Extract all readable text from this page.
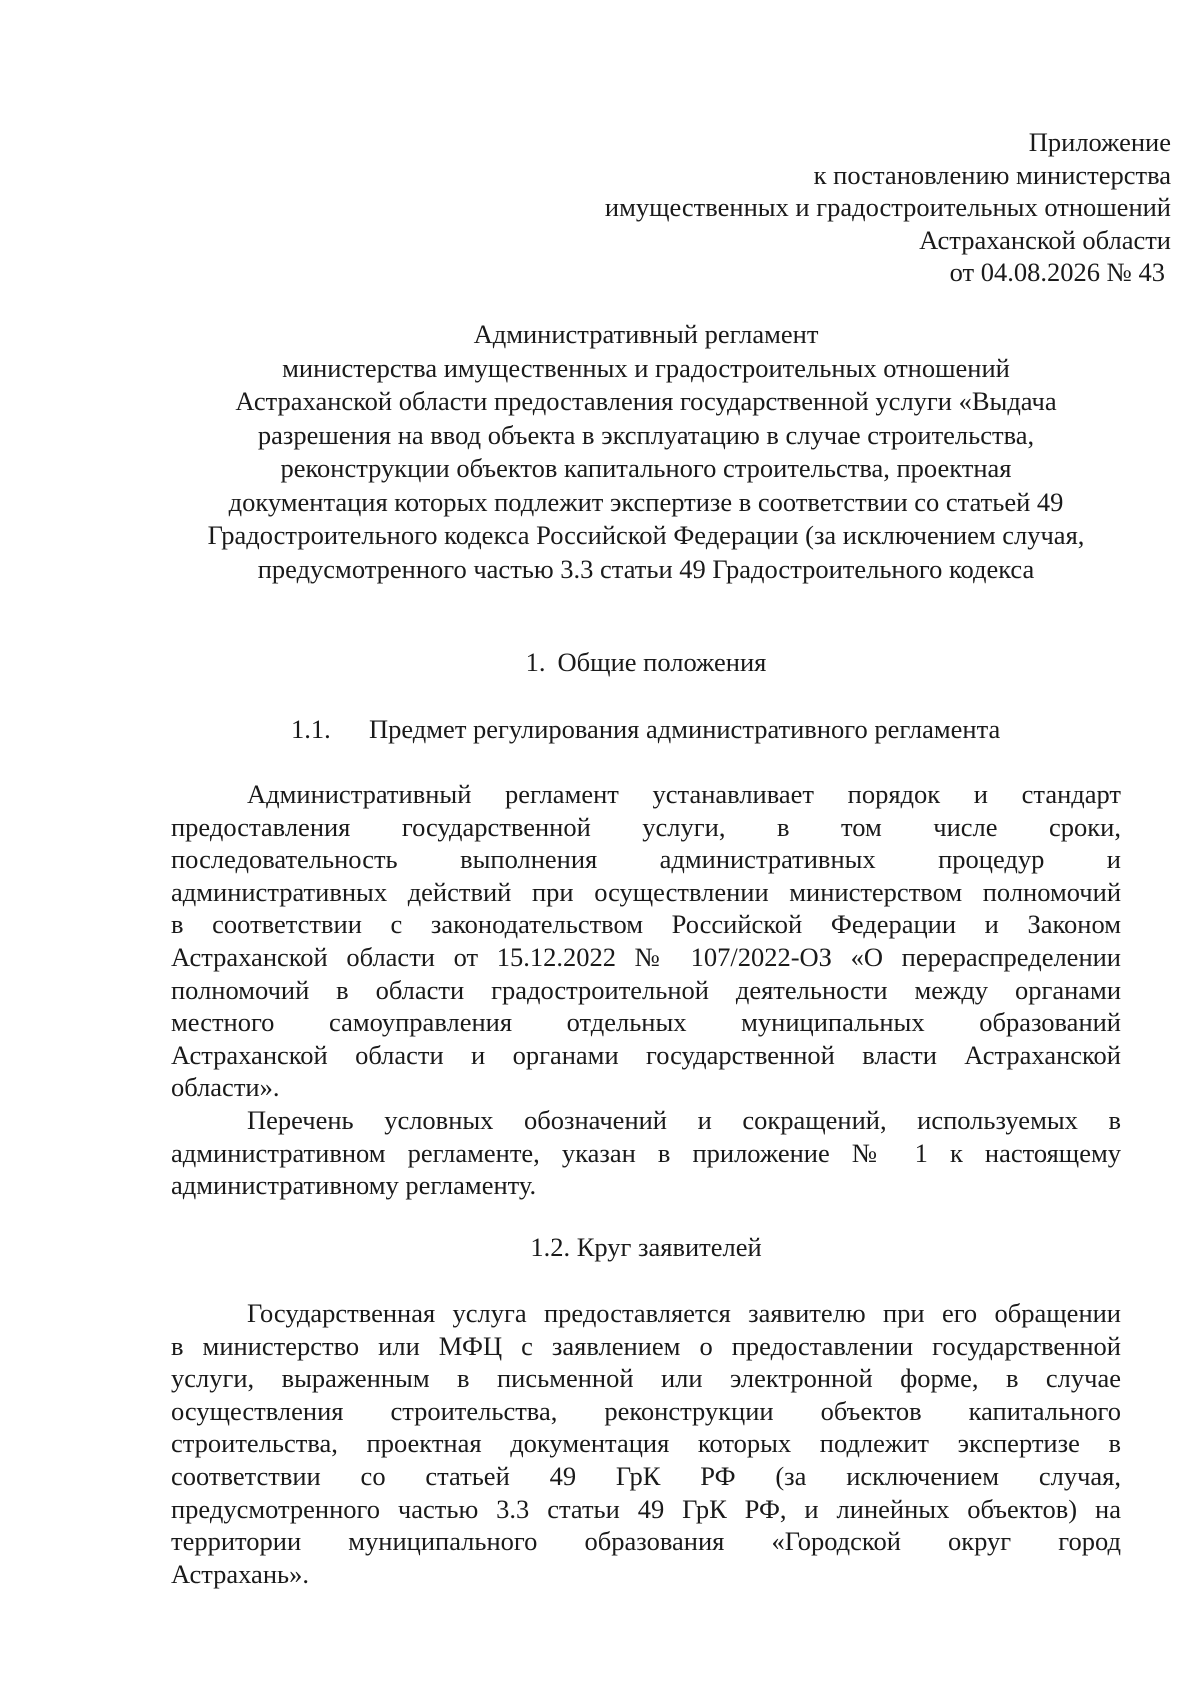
Приложение
к постановлению министерства
имущественных и градостроительных отношений
Астраханской области
от 04.08.2026 № 43
Административный регламент
министерства имущественных и градостроительных отношений
Астраханской области предоставления государственной услуги «Выдача
разрешения на ввод объекта в эксплуатацию в случае строительства,
реконструкции объектов капитального строительства, проектная
документация которых подлежит экспертизе в соответствии со статьей 49
Градостроительного кодекса Российской Федерации (за исключением случая,
предусмотренного частью 3.3 статьи 49 Градостроительного кодекса
1. Общие положения
1.1. Предмет регулирования административного регламента
Административный регламент устанавливает порядок и стандарт
предоставления государственной услуги, в том числе сроки,
последовательность выполнения административных процедур и
административных действий при осуществлении министерством полномочий
в соответствии с законодательством Российской Федерации и Законом
Астраханской области от 15.12.2022 № 107/2022-ОЗ «О перераспределении
полномочий в области градостроительной деятельности между органами
местного самоуправления отдельных муниципальных образований
Астраханской области и органами государственной власти Астраханской
области».
Перечень условных обозначений и сокращений, используемых в
административном регламенте, указан в приложение № 1 к настоящему
административному регламенту.
1.2. Круг заявителей
Государственная услуга предоставляется заявителю при его обращении
в министерство или МФЦ с заявлением о предоставлении государственной
услуги, выраженным в письменной или электронной форме, в случае
осуществления строительства, реконструкции объектов капитального
строительства, проектная документация которых подлежит экспертизе в
соответствии со статьей 49 ГрК РФ (за исключением случая,
предусмотренного частью 3.3 статьи 49 ГрК РФ, и линейных объектов) на
территории муниципального образования «Городской округ город
Астрахань».
